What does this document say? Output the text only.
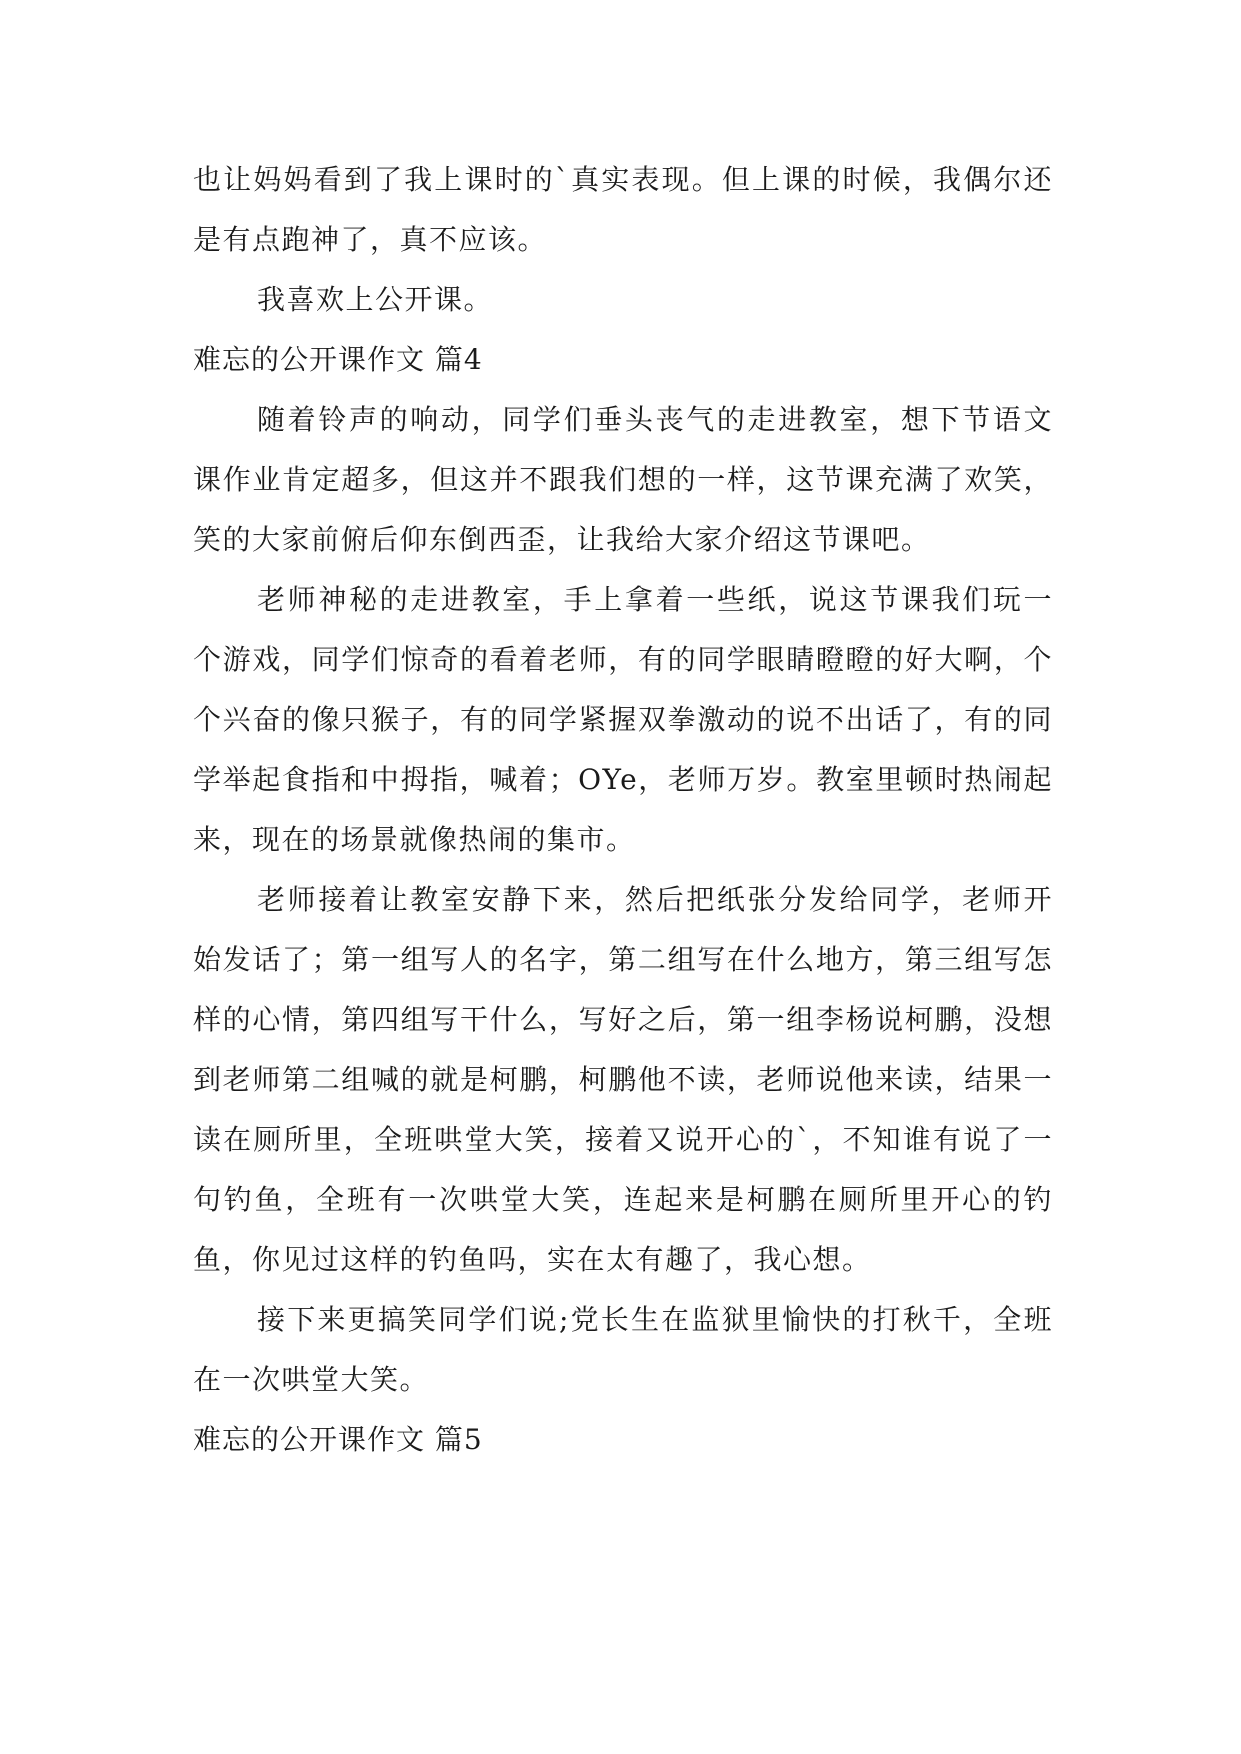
也让妈妈看到了我上课时的`真实表现。但上课的时候，我偶尔还是有点跑神了，真不应该。

我喜欢上公开课。

难忘的公开课作文 篇4

随着铃声的响动，同学们垂头丧气的走进教室，想下节语文课作业肯定超多，但这并不跟我们想的一样，这节课充满了欢笑，笑的大家前俯后仰东倒西歪，让我给大家介绍这节课吧。

老师神秘的走进教室，手上拿着一些纸，说这节课我们玩一个游戏，同学们惊奇的看着老师，有的同学眼睛瞪瞪的好大啊，个个兴奋的像只猴子，有的同学紧握双拳激动的说不出话了，有的同学举起食指和中拇指，喊着；OYe，老师万岁。教室里顿时热闹起来，现在的场景就像热闹的集市。

老师接着让教室安静下来，然后把纸张分发给同学，老师开始发话了；第一组写人的名字，第二组写在什么地方，第三组写怎样的心情，第四组写干什么，写好之后，第一组李杨说柯鹏，没想到老师第二组喊的就是柯鹏，柯鹏他不读，老师说他来读，结果一读在厕所里，全班哄堂大笑，接着又说开心的`，不知谁有说了一句钓鱼，全班有一次哄堂大笑，连起来是柯鹏在厕所里开心的钓鱼，你见过这样的钓鱼吗，实在太有趣了，我心想。

接下来更搞笑同学们说;党长生在监狱里愉快的打秋千，全班在一次哄堂大笑。

难忘的公开课作文 篇5
